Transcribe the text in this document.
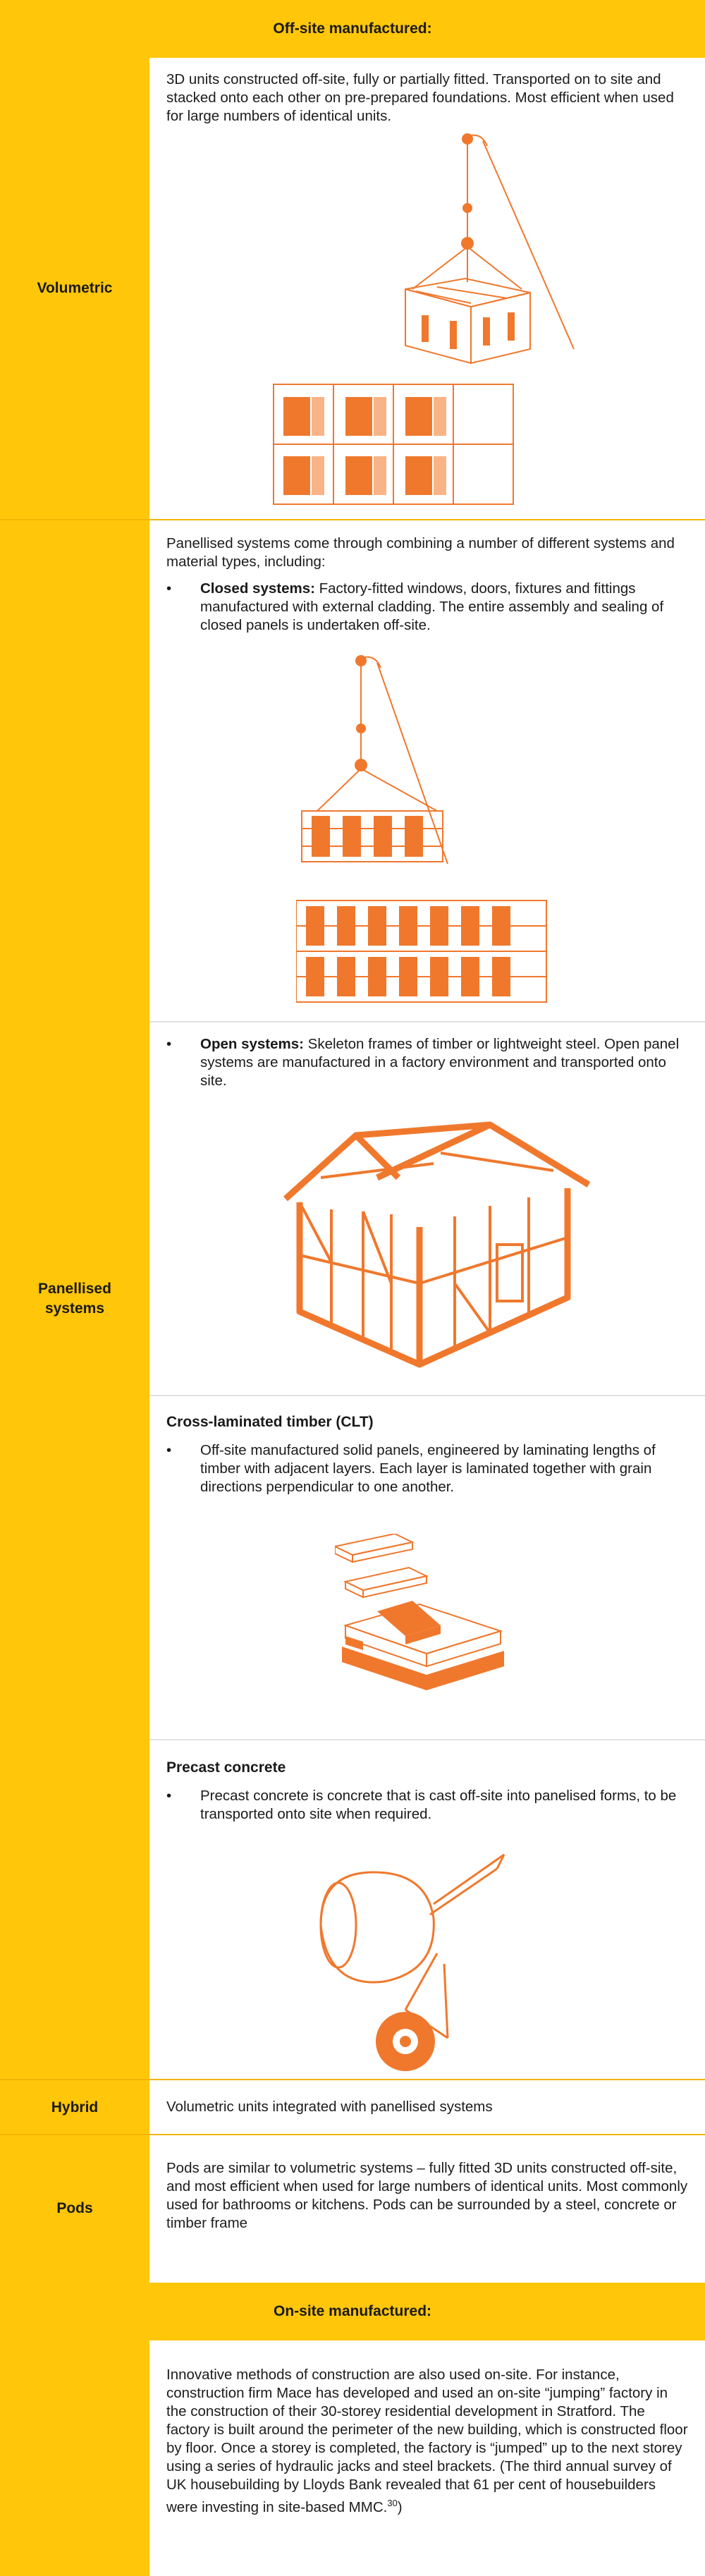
Off-site manufactured:
Volumetric
3D units constructed off-site, fully or partially fitted. Transported on to site and stacked onto each other on pre-prepared foundations. Most efficient when used for large numbers of identical units.
Panellised systems
Panellised systems come through combining a number of different systems and material types, including:
• Closed systems: Factory-fitted windows, doors, fixtures and fittings manufactured with external cladding. The entire assembly and sealing of closed panels is undertaken off-site.
• Open systems: Skeleton frames of timber or lightweight steel. Open panel systems are manufactured in a factory environment and transported onto site.
Cross-laminated timber (CLT)
• Off-site manufactured solid panels, engineered by laminating lengths of timber with adjacent layers. Each layer is laminated together with grain directions perpendicular to one another.
Precast concrete
• Precast concrete is concrete that is cast off-site into panelised forms, to be transported onto site when required.
Hybrid	Volumetric units integrated with panellised systems
Pods
Pods are similar to volumetric systems – fully fitted 3D units constructed off-site, and most efficient when used for large numbers of identical units. Most commonly used for bathrooms or kitchens. Pods can be surrounded by a steel, concrete or timber frame
On-site manufactured:
Innovative methods of construction are also used on-site. For instance, construction firm Mace has developed and used an on-site “jumping” factory in the construction of their 30-storey residential development in Stratford. The factory is built around the perimeter of the new building, which is constructed floor by floor. Once a storey is completed, the factory is “jumped” up to the next storey using a series of hydraulic jacks and steel brackets. (The third annual survey of UK housebuilding by Lloyds Bank revealed that 61 per cent of housebuilders were investing in site-based MMC.$^{30}$)
